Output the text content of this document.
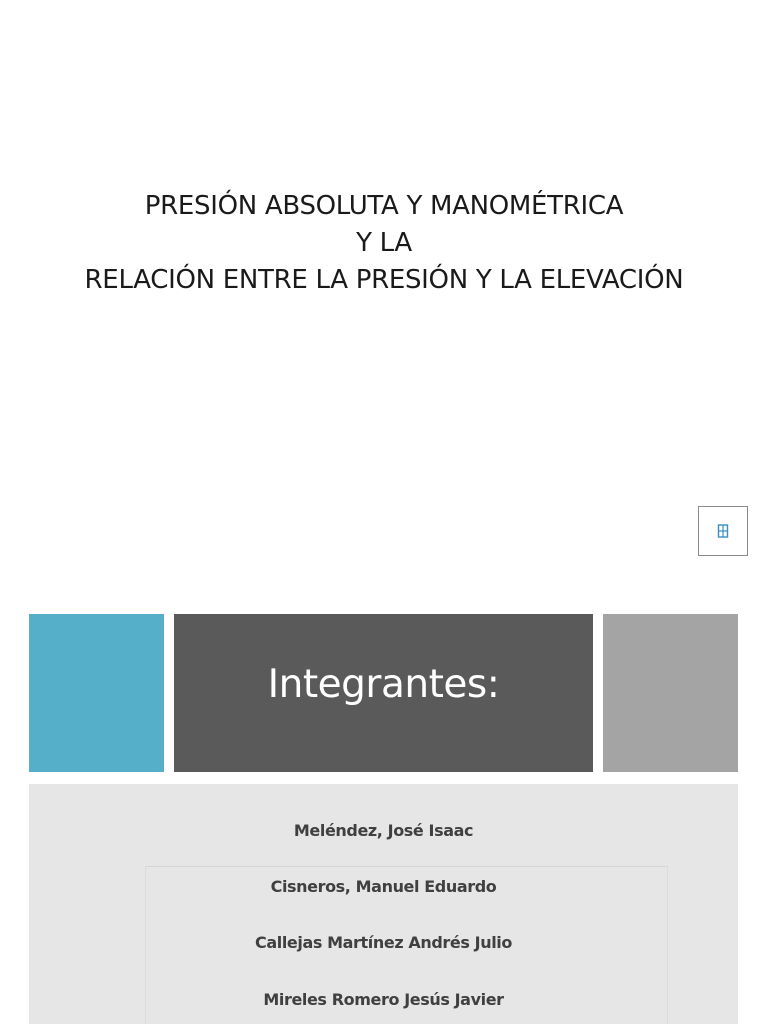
PRESIÓN ABSOLUTA Y MANOMÉTRICA
Y LA
RELACIÓN ENTRE LA PRESIÓN Y LA ELEVACIÓN
Integrantes:
Meléndez, José Isaac
Cisneros, Manuel Eduardo
Callejas Martínez Andrés Julio
Mireles Romero Jesús Javier
